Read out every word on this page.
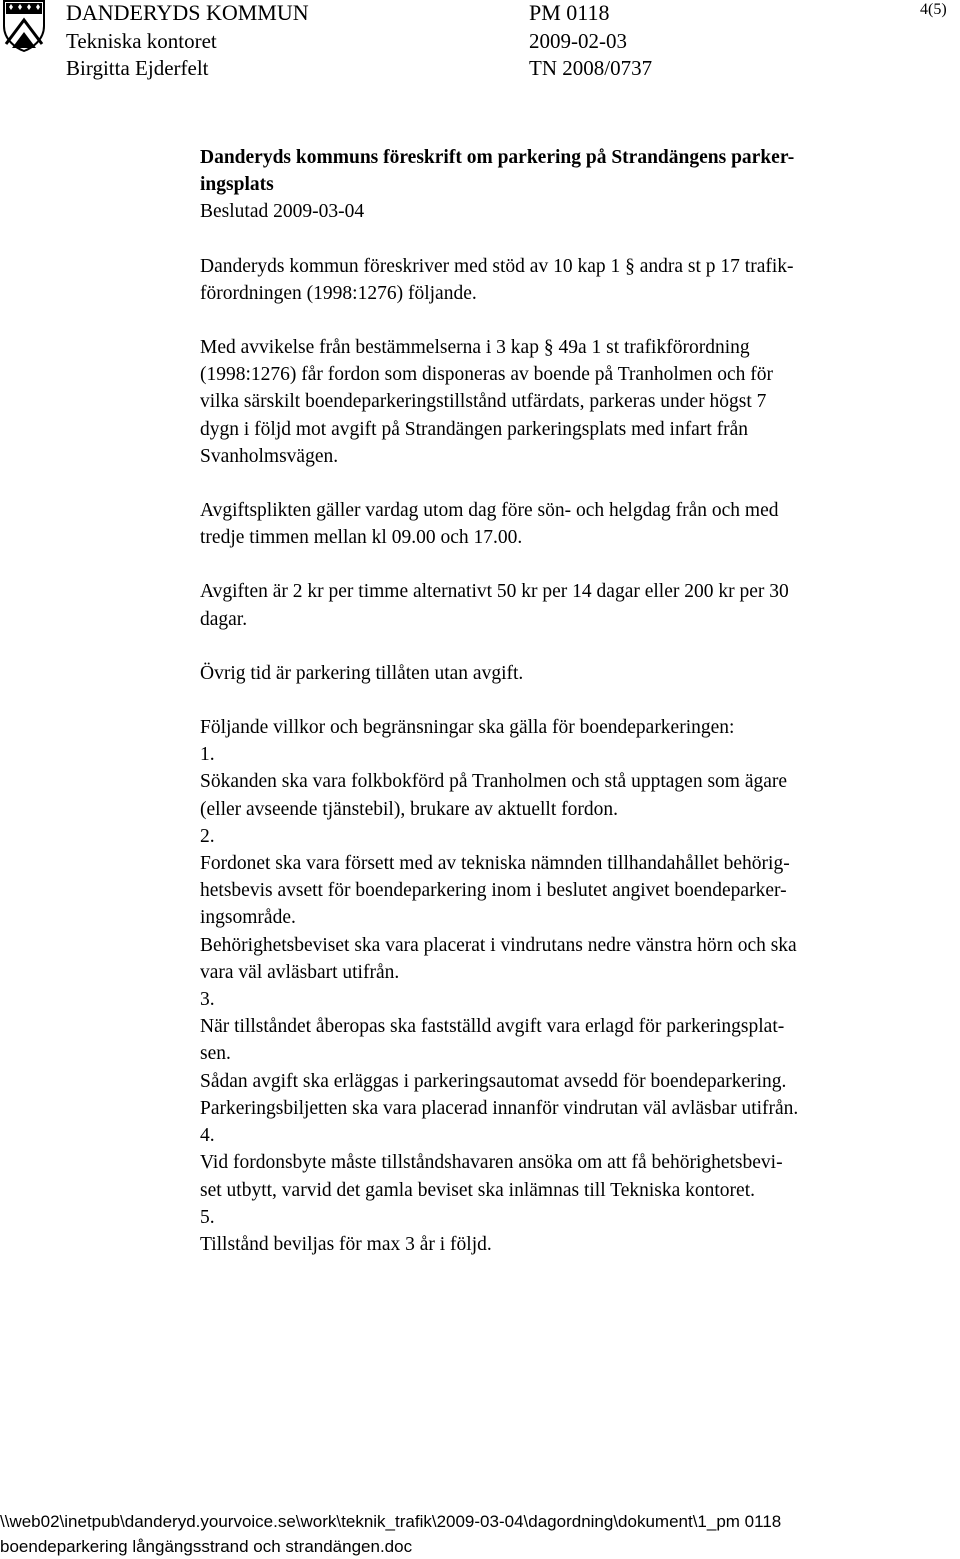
DANDERYDS KOMMUN
Tekniska kontoret
Birgitta Ejderfelt
PM 0118
2009-02-03
TN 2008/0737
4(5)
Danderyds kommuns föreskrift om parkering på Strandängens parker-
ingsplats
Beslutad 2009-03-04
Danderyds kommun föreskriver med stöd av 10 kap 1 § andra st p 17 trafik-
förordningen (1998:1276) följande.
Med avvikelse från bestämmelserna i 3 kap § 49a 1 st trafikförordning
(1998:1276) får fordon som disponeras av boende på Tranholmen och för
vilka särskilt boendeparkeringstillstånd utfärdats, parkeras under högst 7
dygn i följd mot avgift på Strandängen parkeringsplats med infart från
Svanholmsvägen.
Avgiftsplikten gäller vardag utom dag före sön- och helgdag från och med
tredje timmen mellan kl 09.00 och 17.00.
Avgiften är 2 kr per timme alternativt 50 kr per 14 dagar eller 200 kr per 30
dagar.
Övrig tid är parkering tillåten utan avgift.
Följande villkor och begränsningar ska gälla för boendeparkeringen:
1.
Sökanden ska vara folkbokförd på Tranholmen och stå upptagen som ägare
(eller avseende tjänstebil), brukare av aktuellt fordon.
2.
Fordonet ska vara försett med av tekniska nämnden tillhandahållet behörig-
hetsbevis avsett för boendeparkering inom i beslutet angivet boendeparker-
ingsområde.
Behörighetsbeviset ska vara placerat i vindrutans nedre vänstra hörn och ska
vara väl avläsbart utifrån.
3.
När tillståndet åberopas ska fastställd avgift vara erlagd för parkeringsplat-
sen.
Sådan avgift ska erläggas i parkeringsautomat avsedd för boendeparkering.
Parkeringsbiljetten ska vara placerad innanför vindrutan väl avläsbar utifrån.
4.
Vid fordonsbyte måste tillståndshavaren ansöka om att få behörighetsbevi-
set utbytt, varvid det gamla beviset ska inlämnas till Tekniska kontoret.
5.
Tillstånd beviljas för max 3 år i följd.
\\web02\inetpub\danderyd.yourvoice.se\work\teknik_trafik\2009-03-04\dagordning\dokument\1_pm 0118
boendeparkering långängsstrand och strandängen.doc
